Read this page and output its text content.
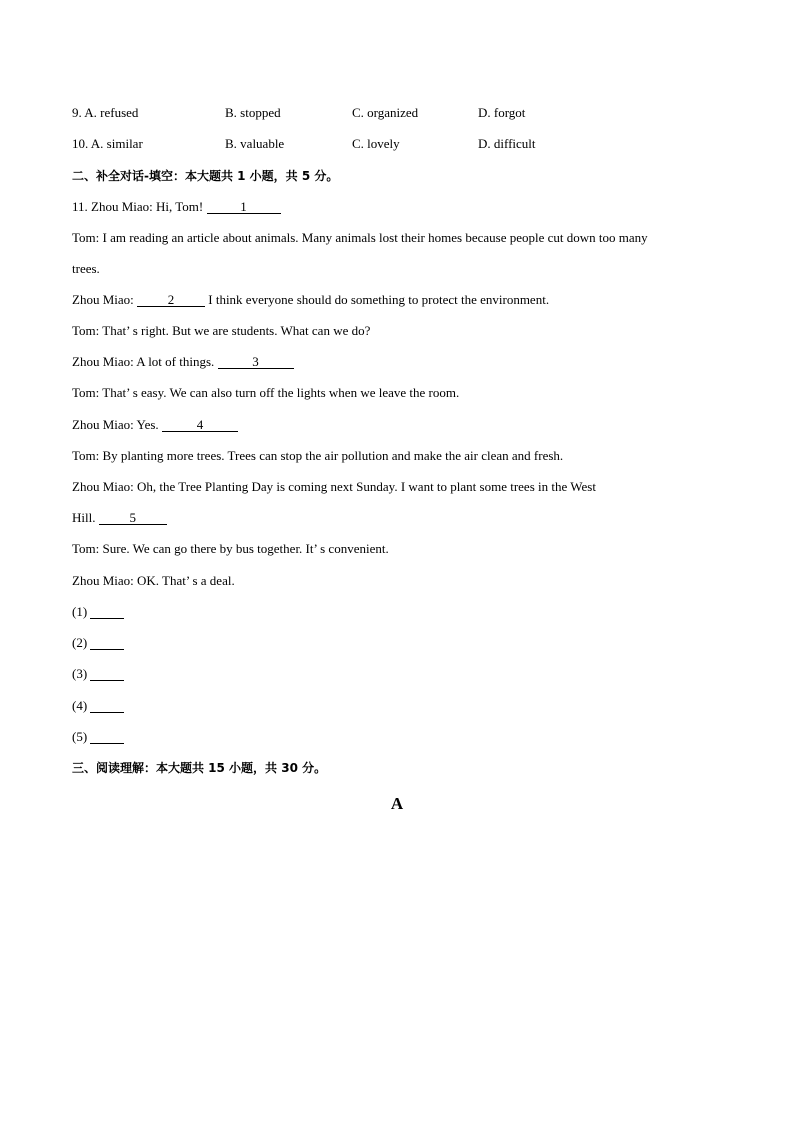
9. A. refused	B. stopped	C. organized	D. forgot
10. A. similar	B. valuable	C. lovely	D. difficult
二、补全对话-填空：本大题共 1 小题，共 5 分。
11. Zhou Miao: Hi, Tom!	1
Tom: I am reading an article about animals. Many animals lost their homes because people cut down too many
trees.
Zhou Miao: 2 I think everyone should do something to protect the environment.
Tom: That’ s right. But we are students. What can we do?
Zhou Miao: A lot of things.	3
Tom: That’ s easy. We can also turn off the lights when we leave the room.
Zhou Miao: Yes.	4
Tom: By planting more trees. Trees can stop the air pollution and make the air clean and fresh.
Zhou Miao: Oh, the Tree Planting Day is coming next Sunday. I want to plant some trees in the West
Hill. 5
Tom: Sure. We can go there by bus together. It’ s convenient.
Zhou Miao: OK. That’ s a deal.
(1)
(2)
(3)
(4)
(5)
三、阅读理解：本大题共 15 小题，共 30 分。
A
